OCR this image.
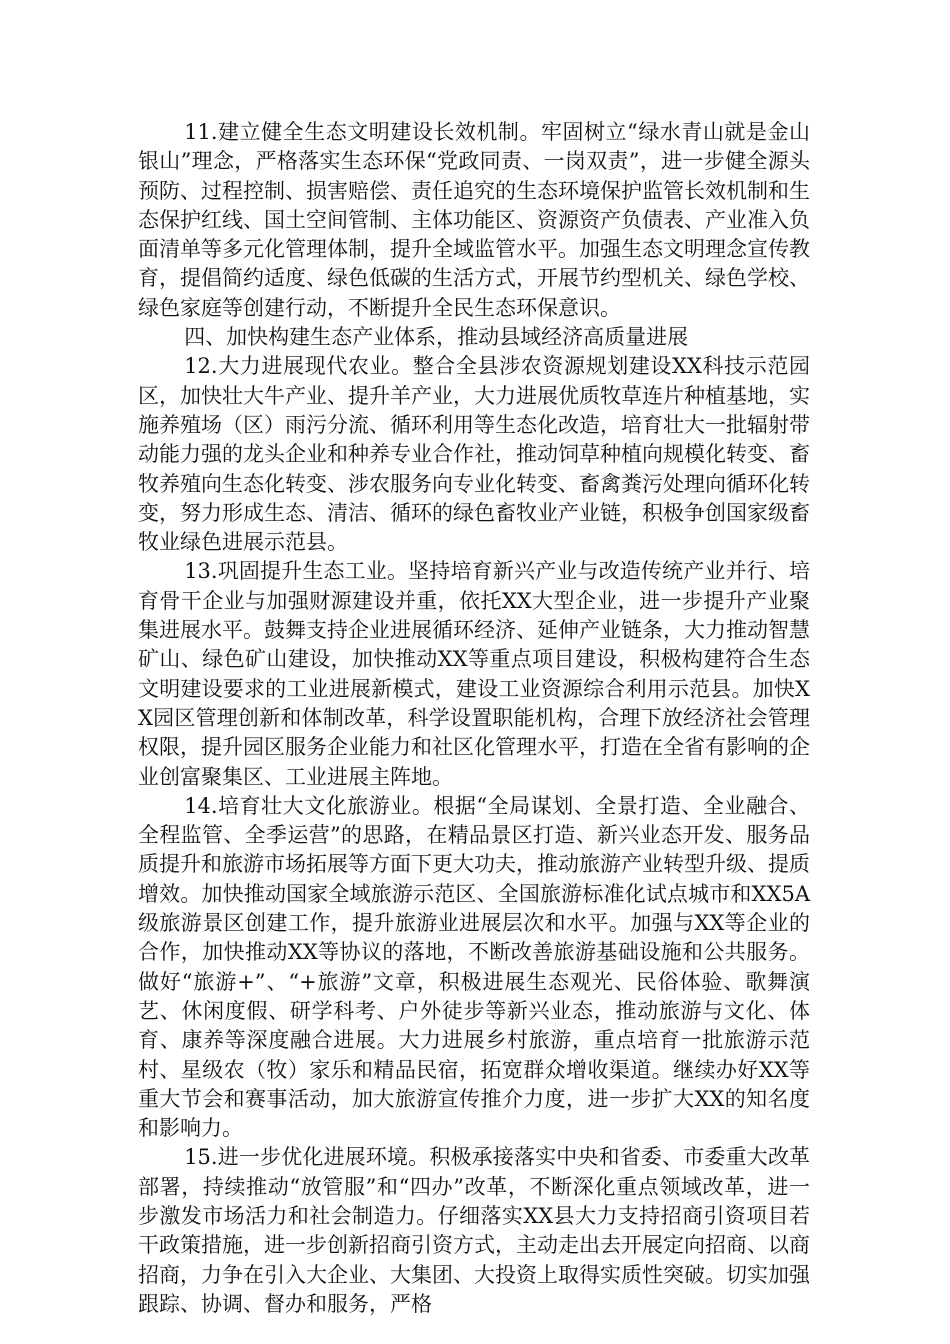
11.建立健全生态文明建设长效机制。牢固树立“绿水青山就是金山银山”理念，严格落实生态环保“党政同责、一岗双责”，进一步健全源头预防、过程控制、损害赔偿、责任追究的生态环境保护监管长效机制和生态保护红线、国土空间管制、主体功能区、资源资产负债表、产业准入负面清单等多元化管理体制，提升全域监管水平。加强生态文明理念宣传教育，提倡简约适度、绿色低碳的生活方式，开展节约型机关、绿色学校、绿色家庭等创建行动，不断提升全民生态环保意识。

四、加快构建生态产业体系，推动县域经济高质量进展

12.大力进展现代农业。整合全县涉农资源规划建设XX科技示范园区，加快壮大牛产业、提升羊产业，大力进展优质牧草连片种植基地，实施养殖场（区）雨污分流、循环利用等生态化改造，培育壮大一批辐射带动能力强的龙头企业和种养专业合作社，推动饲草种植向规模化转变、畜牧养殖向生态化转变、涉农服务向专业化转变、畜禽粪污处理向循环化转变，努力形成生态、清洁、循环的绿色畜牧业产业链，积极争创国家级畜牧业绿色进展示范县。

13.巩固提升生态工业。坚持培育新兴产业与改造传统产业并行、培育骨干企业与加强财源建设并重，依托XX大型企业，进一步提升产业聚集进展水平。鼓舞支持企业进展循环经济、延伸产业链条，大力推动智慧矿山、绿色矿山建设，加快推动XX等重点项目建设，积极构建符合生态文明建设要求的工业进展新模式，建设工业资源综合利用示范县。加快XX园区管理创新和体制改革，科学设置职能机构，合理下放经济社会管理权限，提升园区服务企业能力和社区化管理水平，打造在全省有影响的企业创富聚集区、工业进展主阵地。

14.培育壮大文化旅游业。根据“全局谋划、全景打造、全业融合、全程监管、全季运营”的思路，在精品景区打造、新兴业态开发、服务品质提升和旅游市场拓展等方面下更大功夫，推动旅游产业转型升级、提质增效。加快推动国家全域旅游示范区、全国旅游标准化试点城市和XX5A级旅游景区创建工作，提升旅游业进展层次和水平。加强与XX等企业的合作，加快推动XX等协议的落地，不断改善旅游基础设施和公共服务。做好“旅游+”、“+旅游”文章，积极进展生态观光、民俗体验、歌舞演艺、休闲度假、研学科考、户外徒步等新兴业态，推动旅游与文化、体育、康养等深度融合进展。大力进展乡村旅游，重点培育一批旅游示范村、星级农（牧）家乐和精品民宿，拓宽群众增收渠道。继续办好XX等重大节会和赛事活动，加大旅游宣传推介力度，进一步扩大XX的知名度和影响力。

15.进一步优化进展环境。积极承接落实中央和省委、市委重大改革部署，持续推动“放管服”和“四办”改革，不断深化重点领域改革，进一步激发市场活力和社会制造力。仔细落实XX县大力支持招商引资项目若干政策措施，进一步创新招商引资方式，主动走出去开展定向招商、以商招商，力争在引入大企业、大集团、大投资上取得实质性突破。切实加强跟踪、协调、督办和服务，严格
